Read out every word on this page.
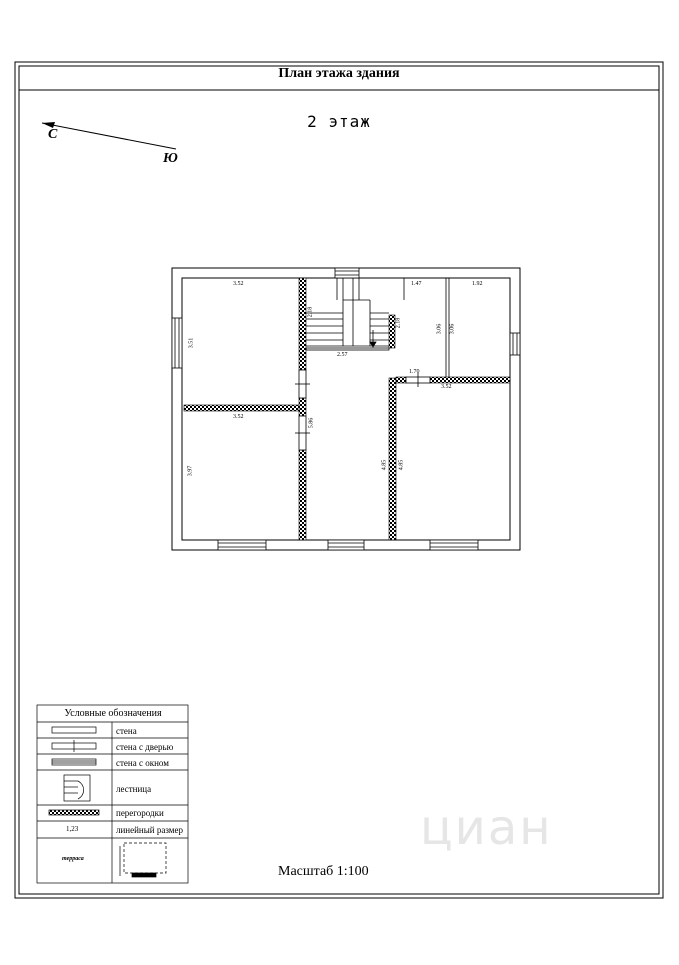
План этажа здания
2 этаж
С
Ю
3.52
3.51
3.52
3.97
5.86
2.57
2.18
2.18
1.47	1.92
3.06 3.06
1.70
3.52
4.85 4.85
Условные обозначения
стена
стена с дверью
стена с окном
лестница
перегородки
линейный размер
1,23
терраса
Масштаб 1:100
циан
